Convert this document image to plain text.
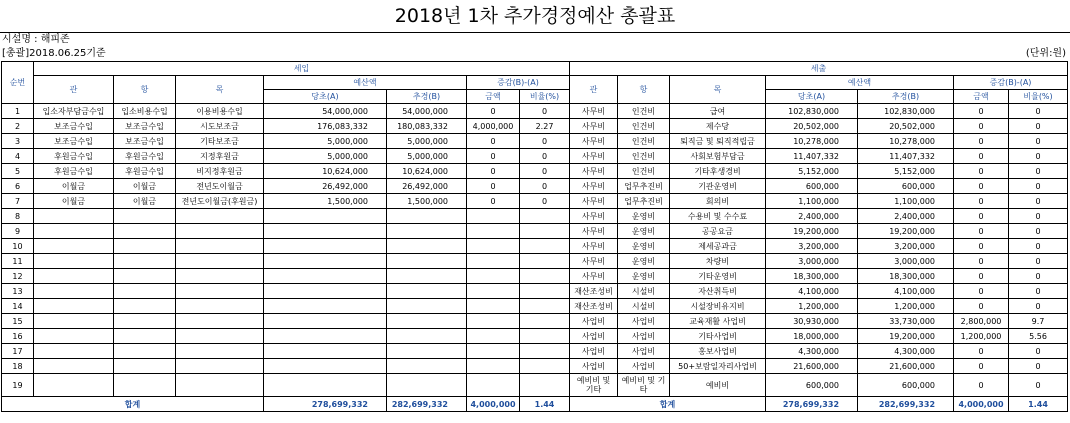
2018년 1차 추가경정예산 총괄표
시설명 : 해피존
[총괄]2018.06.25기준	(단위:원)
순번	세입							세출						
	관	항	목	예산액		증감(B)-(A)		관	항	목	예산액		증감(B)-(A)	
				당초(A)	추경(B)	금액	비율(%)				당초(A)	추경(B)	금액	비율(%)
1	입소자부담금수입	입소비용수입	이용비용수입	54,000,000	54,000,000	0	0	사무비	인건비	급여	102,830,000	102,830,000	0	0
2	보조금수입	보조금수입	시도보조금	176,083,332	180,083,332	4,000,000	2.27	사무비	인건비	제수당	20,502,000	20,502,000	0	0
3	보조금수입	보조금수입	기타보조금	5,000,000	5,000,000	0	0	사무비	인건비	퇴직금 및 퇴직적립금	10,278,000	10,278,000	0	0
4	후원금수입	후원금수입	지정후원금	5,000,000	5,000,000	0	0	사무비	인건비	사회보험부담금	11,407,332	11,407,332	0	0
5	후원금수입	후원금수입	비지정후원금	10,624,000	10,624,000	0	0	사무비	인건비	기타후생경비	5,152,000	5,152,000	0	0
6	이월금	이월금	전년도이월금	26,492,000	26,492,000	0	0	사무비	업무추진비	기관운영비	600,000	600,000	0	0
7	이월금	이월금	전년도이월금(후원금)	1,500,000	1,500,000	0	0	사무비	업무추진비	회의비	1,100,000	1,100,000	0	0
8								사무비	운영비	수용비 및 수수료	2,400,000	2,400,000	0	0
9								사무비	운영비	공공요금	19,200,000	19,200,000	0	0
10								사무비	운영비	제세공과금	3,200,000	3,200,000	0	0
11								사무비	운영비	차량비	3,000,000	3,000,000	0	0
12								사무비	운영비	기타운영비	18,300,000	18,300,000	0	0
13								재산조성비	시설비	자산취득비	4,100,000	4,100,000	0	0
14								재산조성비	시설비	시설장비유지비	1,200,000	1,200,000	0	0
15								사업비	사업비	교육재활 사업비	30,930,000	33,730,000	2,800,000	9.7
16								사업비	사업비	기타사업비	18,000,000	19,200,000	1,200,000	5.56
17								사업비	사업비	홍보사업비	4,300,000	4,300,000	0	0
18								사업비	사업비	50+보람일자리사업비	21,600,000	21,600,000	0	0
19								예비비 및 기타	예비비 및 기타	예비비	600,000	600,000	0	0
합계				278,699,332	282,699,332	4,000,000	1.44	합계			278,699,332	282,699,332	4,000,000	1.44
